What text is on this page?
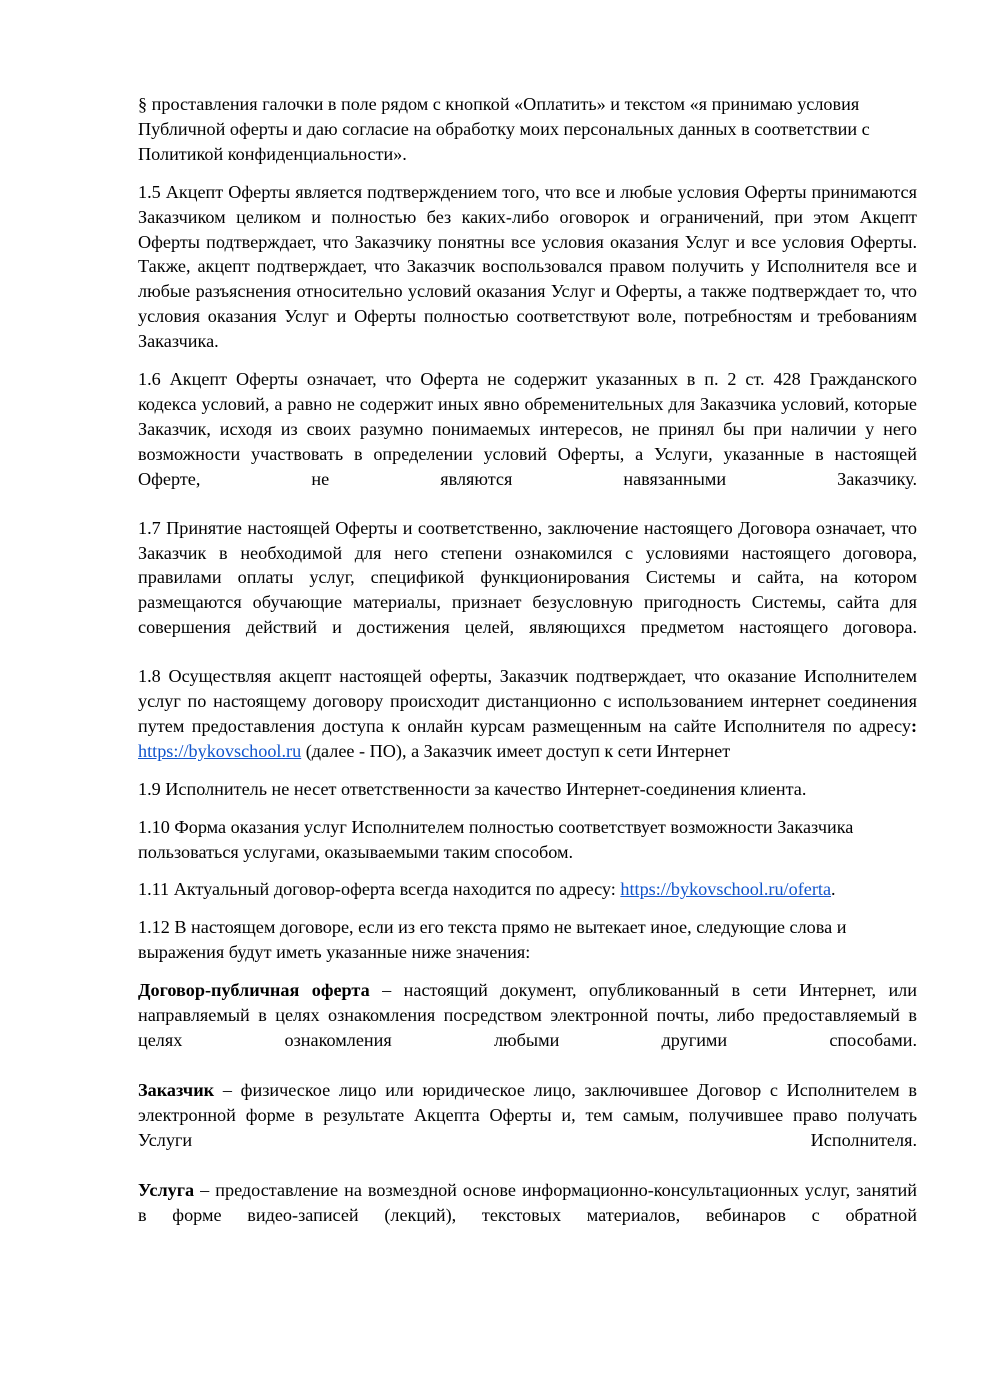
§ проставления галочки в поле рядом с кнопкой «Оплатить» и текстом «я принимаю условия Публичной оферты и даю согласие на обработку моих персональных данных в соответствии с Политикой конфиденциальности».

1.5 Акцепт Оферты является подтверждением того, что все и любые условия Оферты принимаются Заказчиком целиком и полностью без каких-либо оговорок и ограничений, при этом Акцепт Оферты подтверждает, что Заказчику понятны все условия оказания Услуг и все условия Оферты. Также, акцепт подтверждает, что Заказчик воспользовался правом получить у Исполнителя все и любые разъяснения относительно условий оказания Услуг и Оферты, а также подтверждает то, что условия оказания Услуг и Оферты полностью соответствуют воле, потребностям и требованиям Заказчика.

1.6 Акцепт Оферты означает, что Оферта не содержит указанных в п. 2 ст. 428 Гражданского кодекса условий, а равно не содержит иных явно обременительных для Заказчика условий, которые Заказчик, исходя из своих разумно понимаемых интересов, не принял бы при наличии у него возможности участвовать в определении условий Оферты, а Услуги, указанные в настоящей Оферте, не являются навязанными Заказчику.

1.7 Принятие настоящей Оферты и соответственно, заключение настоящего Договора означает, что Заказчик в необходимой для него степени ознакомился с условиями настоящего договора, правилами оплаты услуг, спецификой функционирования Системы и сайта, на котором размещаются обучающие материалы, признает безусловную пригодность Системы, сайта для совершения действий и достижения целей, являющихся предметом настоящего договора.

1.8 Осуществляя акцепт настоящей оферты, Заказчик подтверждает, что оказание Исполнителем услуг по настоящему договору происходит дистанционно с использованием интернет соединения путем предоставления доступа к онлайн курсам размещенным на сайте Исполнителя по адресу: https://bykovschool.ru (далее - ПО), а Заказчик имеет доступ к сети Интернет

1.9 Исполнитель не несет ответственности за качество Интернет-соединения клиента.

1.10 Форма оказания услуг Исполнителем полностью соответствует возможности Заказчика пользоваться услугами, оказываемыми таким способом.

1.11 Актуальный договор-оферта всегда находится по адресу: https://bykovschool.ru/oferta.

1.12 В настоящем договоре, если из его текста прямо не вытекает иное, следующие слова и выражения будут иметь указанные ниже значения:

Договор-публичная оферта – настоящий документ, опубликованный в сети Интернет, или направляемый в целях ознакомления посредством электронной почты, либо предоставляемый в целях ознакомления любыми другими способами.

Заказчик – физическое лицо или юридическое лицо, заключившее Договор с Исполнителем в электронной форме в результате Акцепта Оферты и, тем самым, получившее право получать Услуги Исполнителя.

Услуга – предоставление на возмездной основе информационно-консультационных услуг, занятий в форме видео-записей (лекций), текстовых материалов, вебинаров с обратной
